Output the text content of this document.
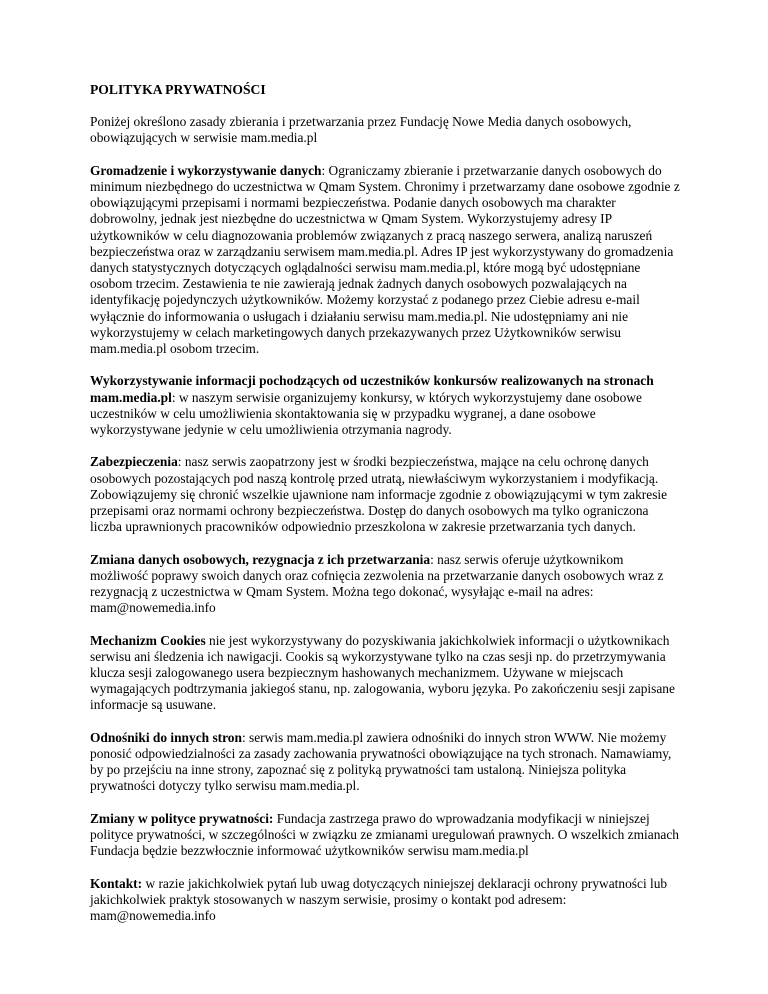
POLITYKA PRYWATNOŚCI

Poniżej określono zasady zbierania i przetwarzania przez Fundację Nowe Media danych osobowych, obowiązujących w serwisie mam.media.pl

Gromadzenie i wykorzystywanie danych: Ograniczamy zbieranie i przetwarzanie danych osobowych do minimum niezbędnego do uczestnictwa w Qmam System. Chronimy i przetwarzamy dane osobowe zgodnie z obowiązującymi przepisami i normami bezpieczeństwa. Podanie danych osobowych ma charakter dobrowolny, jednak jest niezbędne do uczestnictwa w Qmam System. Wykorzystujemy adresy IP użytkowników w celu diagnozowania problemów związanych z pracą naszego serwera, analizą naruszeń bezpieczeństwa oraz w zarządzaniu serwisem mam.media.pl. Adres IP jest wykorzystywany do gromadzenia danych statystycznych dotyczących oglądalności serwisu mam.media.pl, które mogą być udostępniane osobom trzecim. Zestawienia te nie zawierają jednak żadnych danych osobowych pozwalających na identyfikację pojedynczych użytkowników. Możemy korzystać z podanego przez Ciebie adresu e-mail wyłącznie do informowania o usługach i działaniu serwisu mam.media.pl. Nie udostępniamy ani nie wykorzystujemy w celach marketingowych danych przekazywanych przez Użytkowników serwisu mam.media.pl osobom trzecim.

Wykorzystywanie informacji pochodzących od uczestników konkursów realizowanych na stronach mam.media.pl: w naszym serwisie organizujemy konkursy, w których wykorzystujemy dane osobowe uczestników w celu umożliwienia skontaktowania się w przypadku wygranej, a dane osobowe wykorzystywane jedynie w celu umożliwienia otrzymania nagrody.

Zabezpieczenia: nasz serwis zaopatrzony jest w środki bezpieczeństwa, mające na celu ochronę danych osobowych pozostających pod naszą kontrolę przed utratą, niewłaściwym wykorzystaniem i modyfikacją. Zobowiązujemy się chronić wszelkie ujawnione nam informacje zgodnie z obowiązującymi w tym zakresie przepisami oraz normami ochrony bezpieczeństwa. Dostęp do danych osobowych ma tylko ograniczona liczba uprawnionych pracowników odpowiednio przeszkolona w zakresie przetwarzania tych danych.

Zmiana danych osobowych, rezygnacja z ich przetwarzania: nasz serwis oferuje użytkownikom możliwość poprawy swoich danych oraz cofnięcia zezwolenia na przetwarzanie danych osobowych wraz z rezygnacją z uczestnictwa w Qmam System. Można tego dokonać, wysyłając e-mail na adres: mam@nowemedia.info

Mechanizm Cookies nie jest wykorzystywany do pozyskiwania jakichkolwiek informacji o użytkownikach serwisu ani śledzenia ich nawigacji. Cookis są wykorzystywane tylko na czas sesji np. do przetrzymywania klucza sesji zalogowanego usera bezpiecznym hashowanych mechanizmem. Używane w miejscach wymagających podtrzymania jakiegoś stanu, np. zalogowania, wyboru języka. Po zakończeniu sesji zapisane informacje są usuwane.

Odnośniki do innych stron: serwis mam.media.pl zawiera odnośniki do innych stron WWW. Nie możemy ponosić odpowiedzialności za zasady zachowania prywatności obowiązujące na tych stronach. Namawiamy, by po przejściu na inne strony, zapoznać się z polityką prywatności tam ustaloną. Niniejsza polityka prywatności dotyczy tylko serwisu mam.media.pl.

Zmiany w polityce prywatności: Fundacja zastrzega prawo do wprowadzania modyfikacji w niniejszej polityce prywatności, w szczególności w związku ze zmianami uregulowań prawnych. O wszelkich zmianach Fundacja będzie bezzwłocznie informować użytkowników serwisu mam.media.pl

Kontakt: w razie jakichkolwiek pytań lub uwag dotyczących niniejszej deklaracji ochrony prywatności lub jakichkolwiek praktyk stosowanych w naszym serwisie, prosimy o kontakt pod adresem: mam@nowemedia.info
